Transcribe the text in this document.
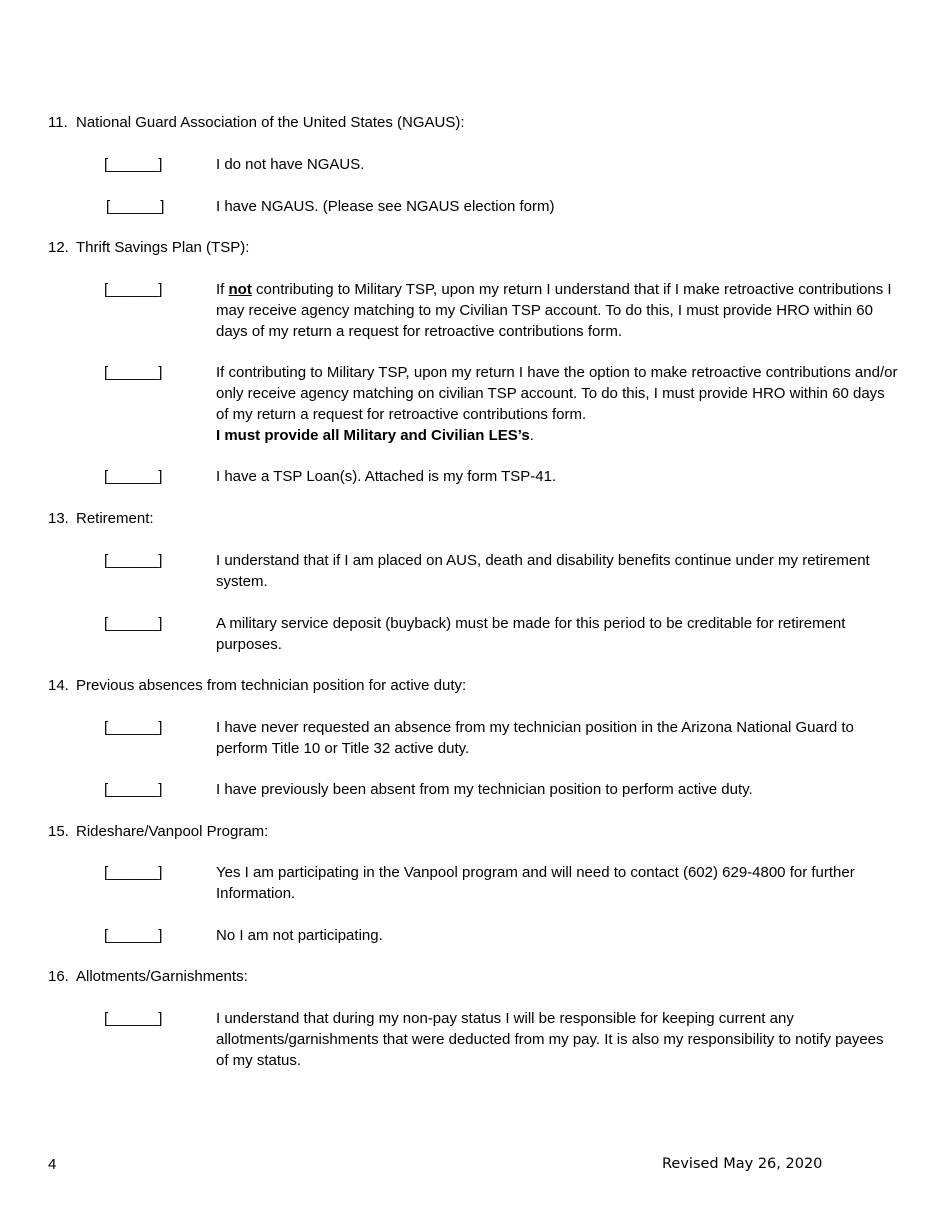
11. National Guard Association of the United States (NGAUS):
[______]	I do not have NGAUS.
[______]	I have NGAUS. (Please see NGAUS election form)
12. Thrift Savings Plan (TSP):
[______]	If not contributing to Military TSP, upon my return I understand that if I make retroactive contributions I may receive agency matching to my Civilian TSP account. To do this, I must provide HRO within 60 days of my return a request for retroactive contributions form.
[______]	If contributing to Military TSP, upon my return I have the option to make retroactive contributions and/or only receive agency matching on civilian TSP account. To do this, I must provide HRO within 60 days of my return a request for retroactive contributions form.
I must provide all Military and Civilian LES’s.
[______]	I have a TSP Loan(s). Attached is my form TSP-41.
13. Retirement:
[______]	I understand that if I am placed on AUS, death and disability benefits continue under my retirement system.
[______]	A military service deposit (buyback) must be made for this period to be creditable for retirement purposes.
14. Previous absences from technician position for active duty:
[______]	I have never requested an absence from my technician position in the Arizona National Guard to perform Title 10 or Title 32 active duty.
[______]	I have previously been absent from my technician position to perform active duty.
15. Rideshare/Vanpool Program:
[______]	Yes I am participating in the Vanpool program and will need to contact (602) 629-4800 for further Information.
[______]	No I am not participating.
16. Allotments/Garnishments:
[______]	I understand that during my non-pay status I will be responsible for keeping current any allotments/garnishments that were deducted from my pay. It is also my responsibility to notify payees of my status.
4	Revised May 26, 2020
